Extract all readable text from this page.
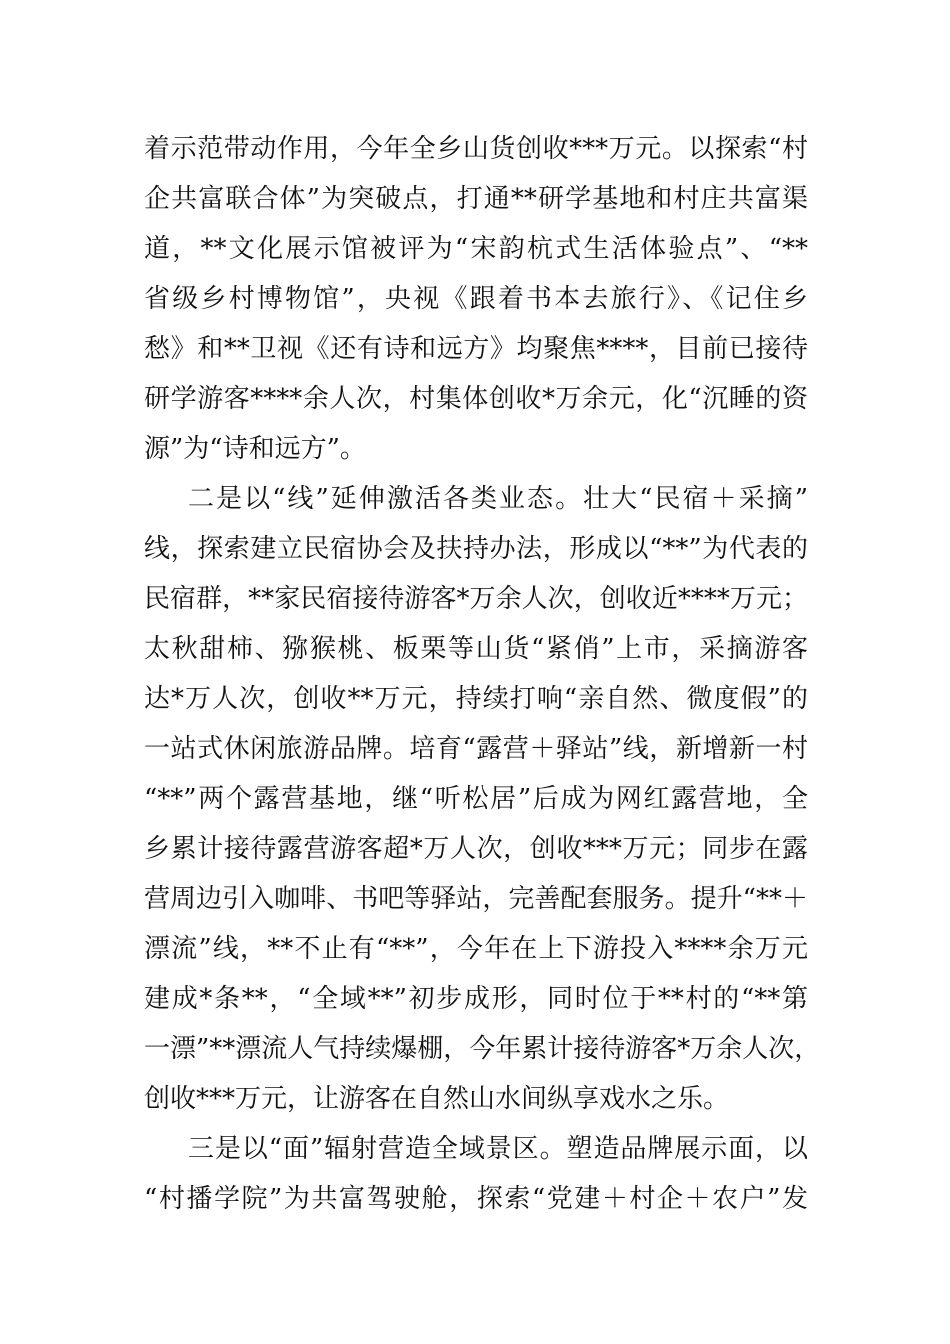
着示范带动作用，今年全乡山货创收***万元。以探索“村
企共富联合体”为突破点，打通**研学基地和村庄共富渠
道，**文化展示馆被评为“宋韵杭式生活体验点”、“**
省级乡村博物馆”，央视《跟着书本去旅行》、《记住乡
愁》和**卫视《还有诗和远方》均聚焦****，目前已接待
研学游客****余人次，村集体创收*万余元，化“沉睡的资
源”为“诗和远方”。
二是以“线”延伸激活各类业态。壮大“民宿＋采摘”
线，探索建立民宿协会及扶持办法，形成以“**”为代表的
民宿群，**家民宿接待游客*万余人次，创收近****万元；
太秋甜柿、猕猴桃、板栗等山货“紧俏”上市，采摘游客
达*万人次，创收**万元，持续打响“亲自然、微度假”的
一站式休闲旅游品牌。培育“露营＋驿站”线，新增新一村
“**”两个露营基地，继“听松居”后成为网红露营地，全
乡累计接待露营游客超*万人次，创收***万元；同步在露
营周边引入咖啡、书吧等驿站，完善配套服务。提升“**＋
漂流”线，**不止有“**”，今年在上下游投入****余万元
建成*条**，“全域**”初步成形，同时位于**村的“**第
一漂”**漂流人气持续爆棚，今年累计接待游客*万余人次，
创收***万元，让游客在自然山水间纵享戏水之乐。
三是以“面”辐射营造全域景区。塑造品牌展示面，以
“村播学院”为共富驾驶舱，探索“党建＋村企＋农户”发
